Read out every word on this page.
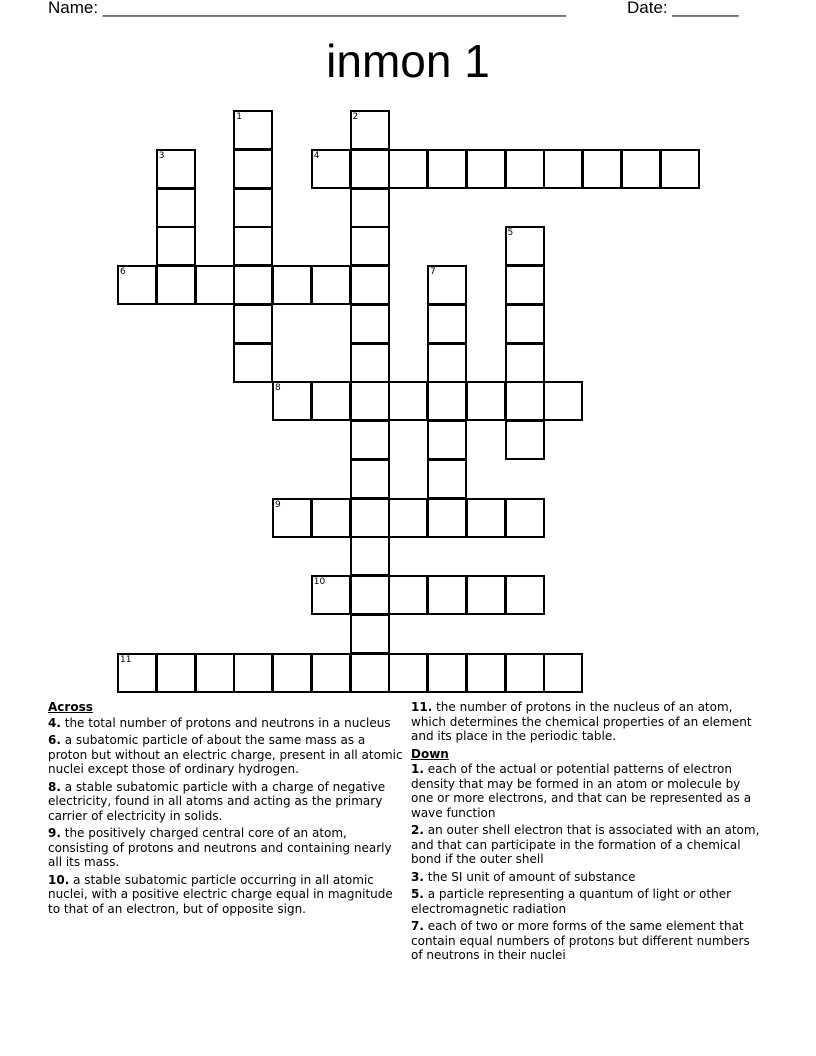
Name: _________________________________________________	Date: _______
inmon 1
1	2
3	4
5
6	7
8
9
10
11
Across
4. the total number of protons and neutrons in a nucleus
6. a subatomic particle of about the same mass as a proton but without an electric charge, present in all atomic nuclei except those of ordinary hydrogen.
8. a stable subatomic particle with a charge of negative electricity, found in all atoms and acting as the primary carrier of electricity in solids.
9. the positively charged central core of an atom, consisting of protons and neutrons and containing nearly all its mass.
10. a stable subatomic particle occurring in all atomic nuclei, with a positive electric charge equal in magnitude to that of an electron, but of opposite sign.
11. the number of protons in the nucleus of an atom, which determines the chemical properties of an element and its place in the periodic table.
Down
1. each of the actual or potential patterns of electron density that may be formed in an atom or molecule by one or more electrons, and that can be represented as a wave function
2. an outer shell electron that is associated with an atom, and that can participate in the formation of a chemical bond if the outer shell
3. the SI unit of amount of substance
5. a particle representing a quantum of light or other electromagnetic radiation
7. each of two or more forms of the same element that contain equal numbers of protons but different numbers of neutrons in their nuclei
